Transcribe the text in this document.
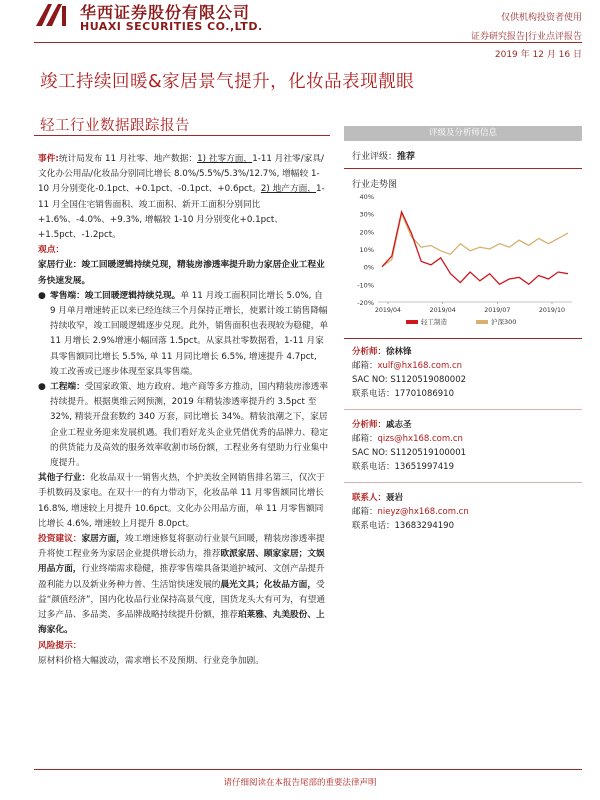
华西证券股份有限公司
HUAXI SECURITIES CO.,LTD.
仅供机构投资者使用
证券研究报告|行业点评报告
2019 年 12 月 16 日
竣工持续回暖&家居景气提升，化妆品表现靓眼
轻工行业数据跟踪报告

事件:统计局发布 11 月社零、地产数据：1) 社零方面，1-11 月社零/家具/文化办公用品/化妆品分别同比增长 8.0%/5.5%/5.3%/12.7%, 增幅较 1-10 月分别变化-0.1pct、+0.1pct、-0.1pct、+0.6pct。2) 地产方面，1-11 月全国住宅销售面积、竣工面积、新开工面积分别同比+1.6%、-4.0%、+9.3%, 增幅较 1-10 月分别变化+0.1pct、+1.5pct、-1.2pct。

观点：

家居行业：竣工回暖逻辑持续兑现，精装房渗透率提升助力家居企业工程业务快速发展。

● 零售端：竣工回暖逻辑持续兑现。单 11 月竣工面积同比增长 5.0%, 自 9 月单月增速转正以来已经连续三个月保持正增长，使累计竣工销售降幅持续收窄，竣工回暖逻辑逐步兑现。此外，销售面积也表现较为稳健，单 11 月增长 2.9%增速小幅回落 1.5pct。从家具社零数据看，1-11 月家具零售额同比增长 5.5%, 单 11 月同比增长 6.5%, 增速提升 4.7pct, 竣工改善或已逐步体现至家具零售端。

● 工程端：受国家政策、地方政府、地产商等多方推动，国内精装房渗透率持续提升。根据奥维云网预测，2019 年精装渗透率提升约 3.5pct 至 32%, 精装开盘套数约 340 万套，同比增长 34%。精装浪潮之下，家居企业工程业务迎来发展机遇。我们看好龙头企业凭借优秀的品牌力、稳定的供货能力及高效的服务效率收割市场份额，工程业务有望助力行业集中度提升。

其他子行业：化妆品双十一销售火热，个护美妆全网销售排名第三，仅次于手机数码及家电。在双十一的有力带动下，化妆品单 11 月零售额同比增长 16.8%, 增速较上月提升 10.6pct。文化办公用品方面，单 11 月零售额同比增长 4.6%, 增速较上月提升 8.0pct。

投资建议：家居方面，竣工增速修复将驱动行业景气回暖，精装房渗透率提升将使工程业务为家居企业提供增长动力，推荐欧派家居、顾家家居；文娱用品方面，行业终端需求稳健，推荐零售端具备渠道护城河、文创产品提升盈利能力以及新业务种力普、生活馆快速发展的晨光文具；化妆品方面，受益“颜值经济”，国内化妆品行业保持高景气度，国货龙头大有可为，有望通过多产品、多品类、多品牌战略持续提升份额，推荐珀莱雅、丸美股份、上海家化。

风险提示：

原材料价格大幅波动，需求增长不及预期、行业竞争加剧。

评级及分析师信息
行业评级：推荐
行业走势图
40%
30%
20%
10%
0%
-10%
-20%
2019/04	2019/04	2019/07	2019/10
轻工制造	沪深300
分析师：徐林锋
邮箱：xulf@hx168.com.cn
SAC NO: S1120519080002
联系电话：17701086910
分析师：戚志圣
邮箱：qizs@hx168.com.cn
SAC NO: S1120519100001
联系电话：13651997419
联系人：聂岩
邮箱：nieyz@hx168.com.cn
联系电话：13683294190
请仔细阅读在本报告尾部的重要法律声明
